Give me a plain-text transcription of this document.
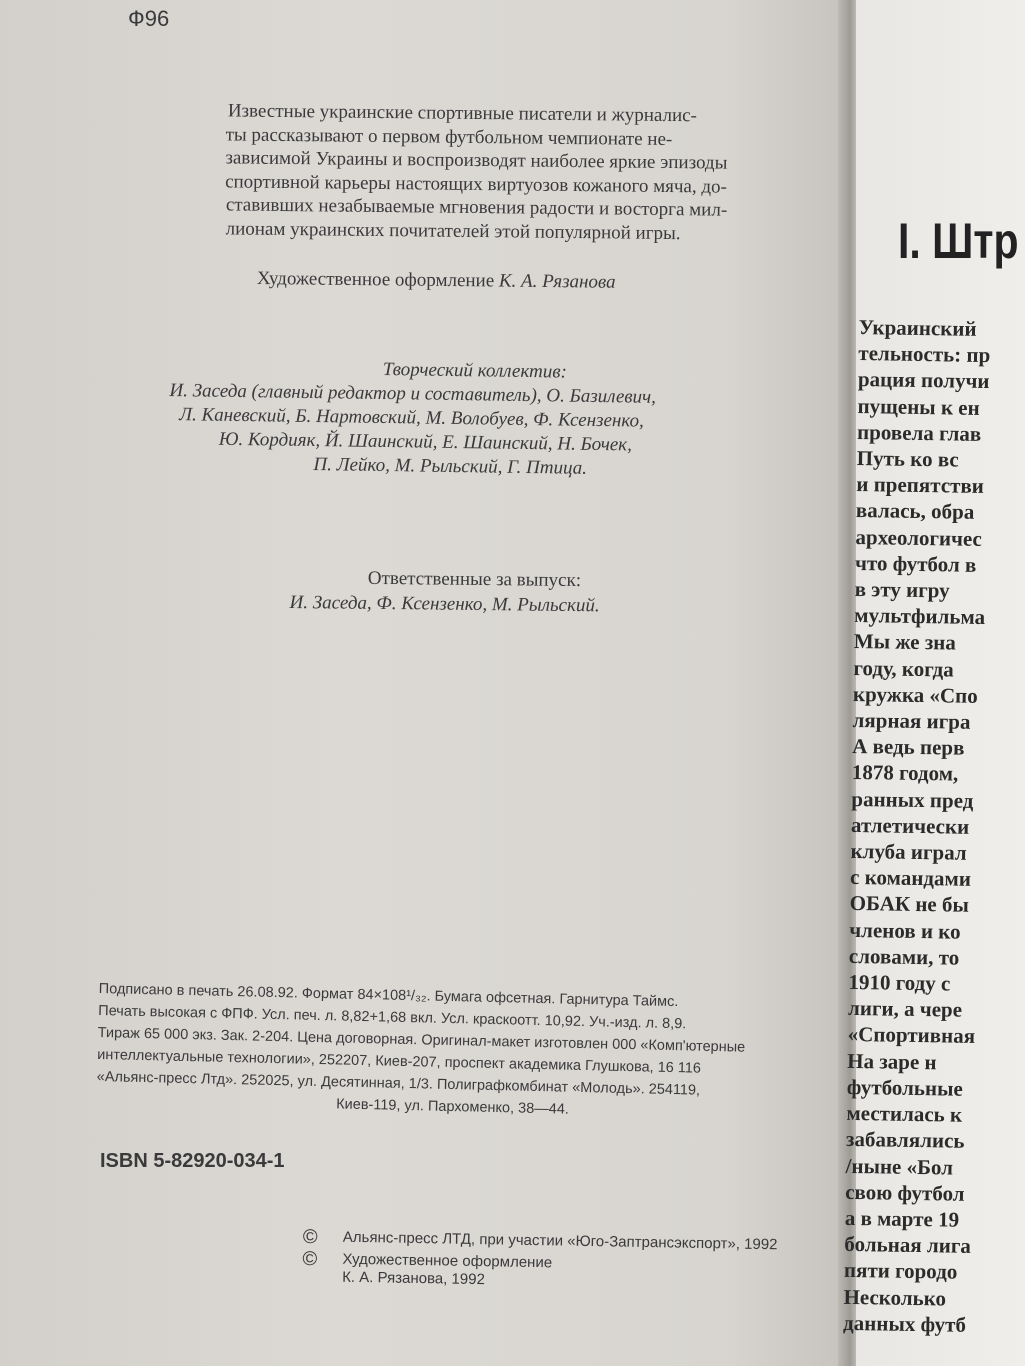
Ф96
Известные украинские спортивные писатели и журналис-
ты рассказывают о первом футбольном чемпионате не-
зависимой Украины и воспроизводят наиболее яркие эпизоды
спортивной карьеры настоящих виртуозов кожаного мяча, до-
ставивших незабываемые мгновения радости и восторга мил-
лионам украинских почитателей этой популярной игры.
Художественное оформление К. А. Рязанова
Творческий коллектив:
И. Заседа (главный редактор и составитель), О. Базилевич,
Л. Каневский, Б. Нартовский, М. Волобуев, Ф. Ксензенко,
Ю. Кордияк, Й. Шаинский, Е. Шаинский, Н. Бочек,
П. Лейко, М. Рыльский, Г. Птица.
Ответственные за выпуск:
И. Заседа, Ф. Ксензенко, М. Рыльский.
Подписано в печать 26.08.92. Формат 84×108¹/₃₂. Бумага офсетная. Гарнитура Таймс.
Печать высокая с ФПФ. Усл. печ. л. 8,82+1,68 вкл. Усл. краскоотт. 10,92. Уч.-изд. л. 8,9.
Тираж 65 000 экз. Зак. 2-204. Цена договорная. Оригинал-макет изготовлен 000 «Комп'ютерные
интеллектуальные технологии», 252207, Киев-207, проспект академика Глушкова, 16 116
«Альянс-пресс Лтд». 252025, ул. Десятинная, 1/3. Полиграфкомбинат «Молодь». 254119,
Киев-119, ул. Пархоменко, 38—44.
ISBN 5-82920-034-1
©	Альянс-пресс ЛТД, при участии «Юго-Заптрансэкспорт», 1992
©	Художественное оформление
К. А. Рязанова, 1992
I. Штр
Украинский
тельность: пр
рация получи
пущены к ен
провела глав
Путь ко вс
и препятстви
валась, обра
археологичес
что футбол в
в эту игру
мультфильма
Мы же зна
году, когда
кружка «Спо
лярная игра
А ведь перв
1878 годом,
ранных пред
атлетически
клуба играл
с командами
ОБАК не бы
членов и ко
словами, то
1910 году с
лиги, а чере
«Спортивная
На заре н
футбольные
местилась к
забавлялись
/ныне «Бол
свою футбол
а в марте 19
больная лига
пяти городо
Несколько
данных футб
